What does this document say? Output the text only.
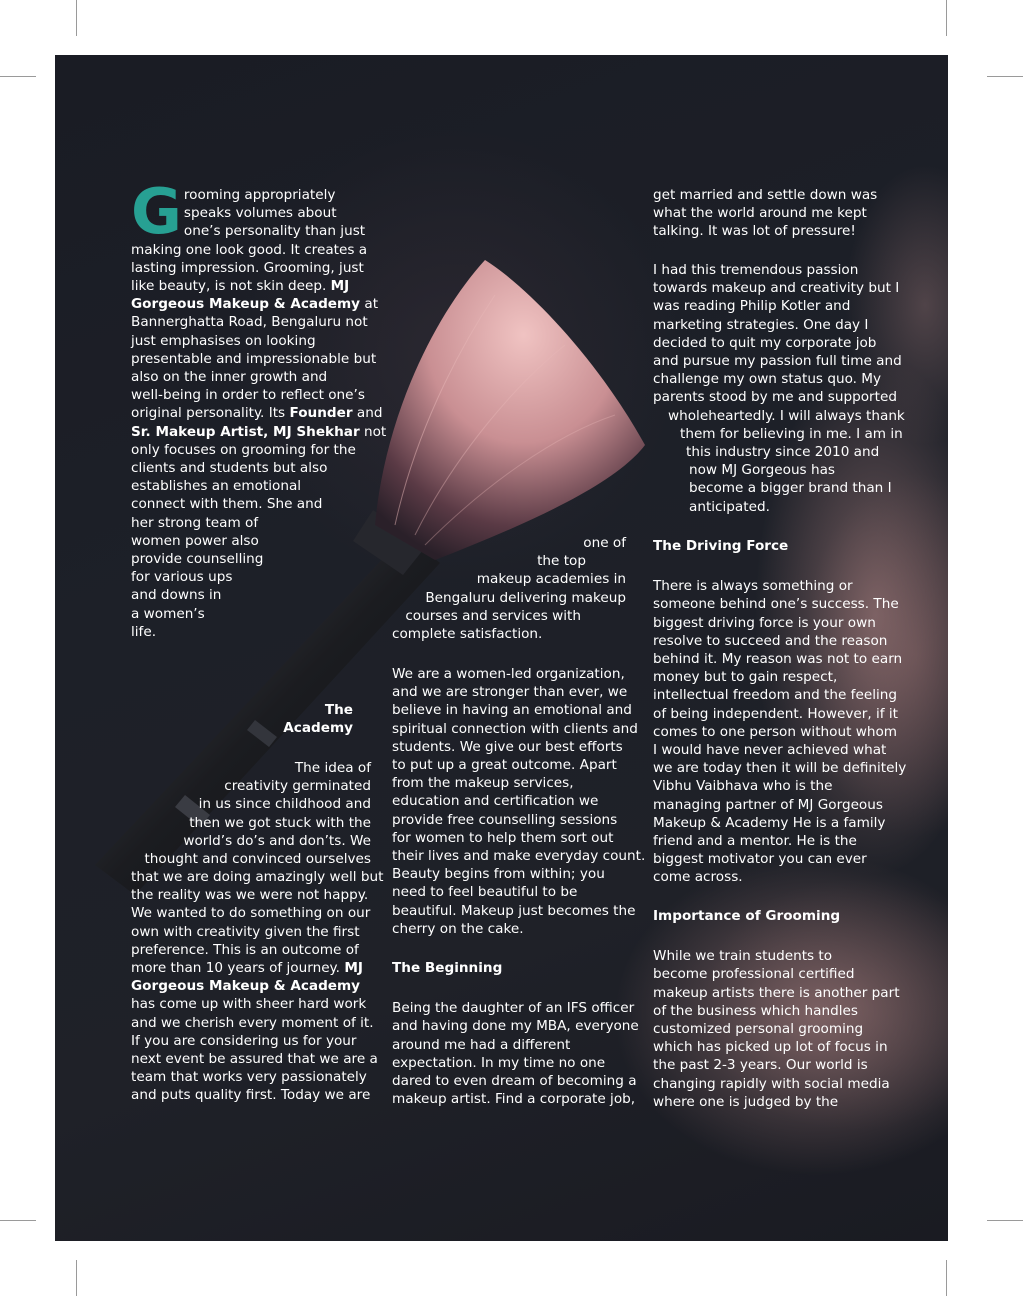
G rooming appropriately
speaks volumes about
one’s personality than just
making one look good. It creates a
lasting impression. Grooming, just
like beauty, is not skin deep. MJ
Gorgeous Makeup & Academy at
Bannerghatta Road, Bengaluru not
just emphasises on looking
presentable and impressionable but
also on the inner growth and
well-being in order to reflect one’s
original personality. Its Founder and
Sr. Makeup Artist, MJ Shekhar not
only focuses on grooming for the
clients and students but also
establishes an emotional
connect with them. She and
her strong team of
women power also
provide counselling
for various ups
and downs in
a women’s
life.

The
Academy
The idea of
creativity germinated
in us since childhood and
then we got stuck with the
world’s do’s and don’ts. We
thought and convinced ourselves
that we are doing amazingly well but
the reality was we were not happy.
We wanted to do something on our
own with creativity given the first
preference. This is an outcome of
more than 10 years of journey. MJ
Gorgeous Makeup & Academy
has come up with sheer hard work
and we cherish every moment of it.
If you are considering us for your
next event be assured that we are a
team that works very passionately
and puts quality first. Today we are
one of
the top
makeup academies in
Bengaluru delivering makeup
courses and services with
complete satisfaction.
We are a women-led organization,
and we are stronger than ever, we
believe in having an emotional and
spiritual connection with clients and
students. We give our best efforts
to put up a great outcome. Apart
from the makeup services,
education and certification we
provide free counselling sessions
for women to help them sort out
their lives and make everyday count.
Beauty begins from within; you
need to feel beautiful to be
beautiful. Makeup just becomes the
cherry on the cake.
The Beginning
Being the daughter of an IFS officer
and having done my MBA, everyone
around me had a different
expectation. In my time no one
dared to even dream of becoming a
makeup artist. Find a corporate job,
get married and settle down was
what the world around me kept
talking. It was lot of pressure!
I had this tremendous passion
towards makeup and creativity but I
was reading Philip Kotler and
marketing strategies. One day I
decided to quit my corporate job
and pursue my passion full time and
challenge my own status quo. My
parents stood by me and supported
wholeheartedly. I will always thank
them for believing in me. I am in
this industry since 2010 and
now MJ Gorgeous has
become a bigger brand than I
anticipated.
The Driving Force
There is always something or
someone behind one’s success. The
biggest driving force is your own
resolve to succeed and the reason
behind it. My reason was not to earn
money but to gain respect,
intellectual freedom and the feeling
of being independent. However, if it
comes to one person without whom
I would have never achieved what
we are today then it will be definitely
Vibhu Vaibhava who is the
managing partner of MJ Gorgeous
Makeup & Academy He is a family
friend and a mentor. He is the
biggest motivator you can ever
come across.
Importance of Grooming
While we train students to
become professional certified
makeup artists there is another part
of the business which handles
customized personal grooming
which has picked up lot of focus in
the past 2-3 years. Our world is
changing rapidly with social media
where one is judged by the
